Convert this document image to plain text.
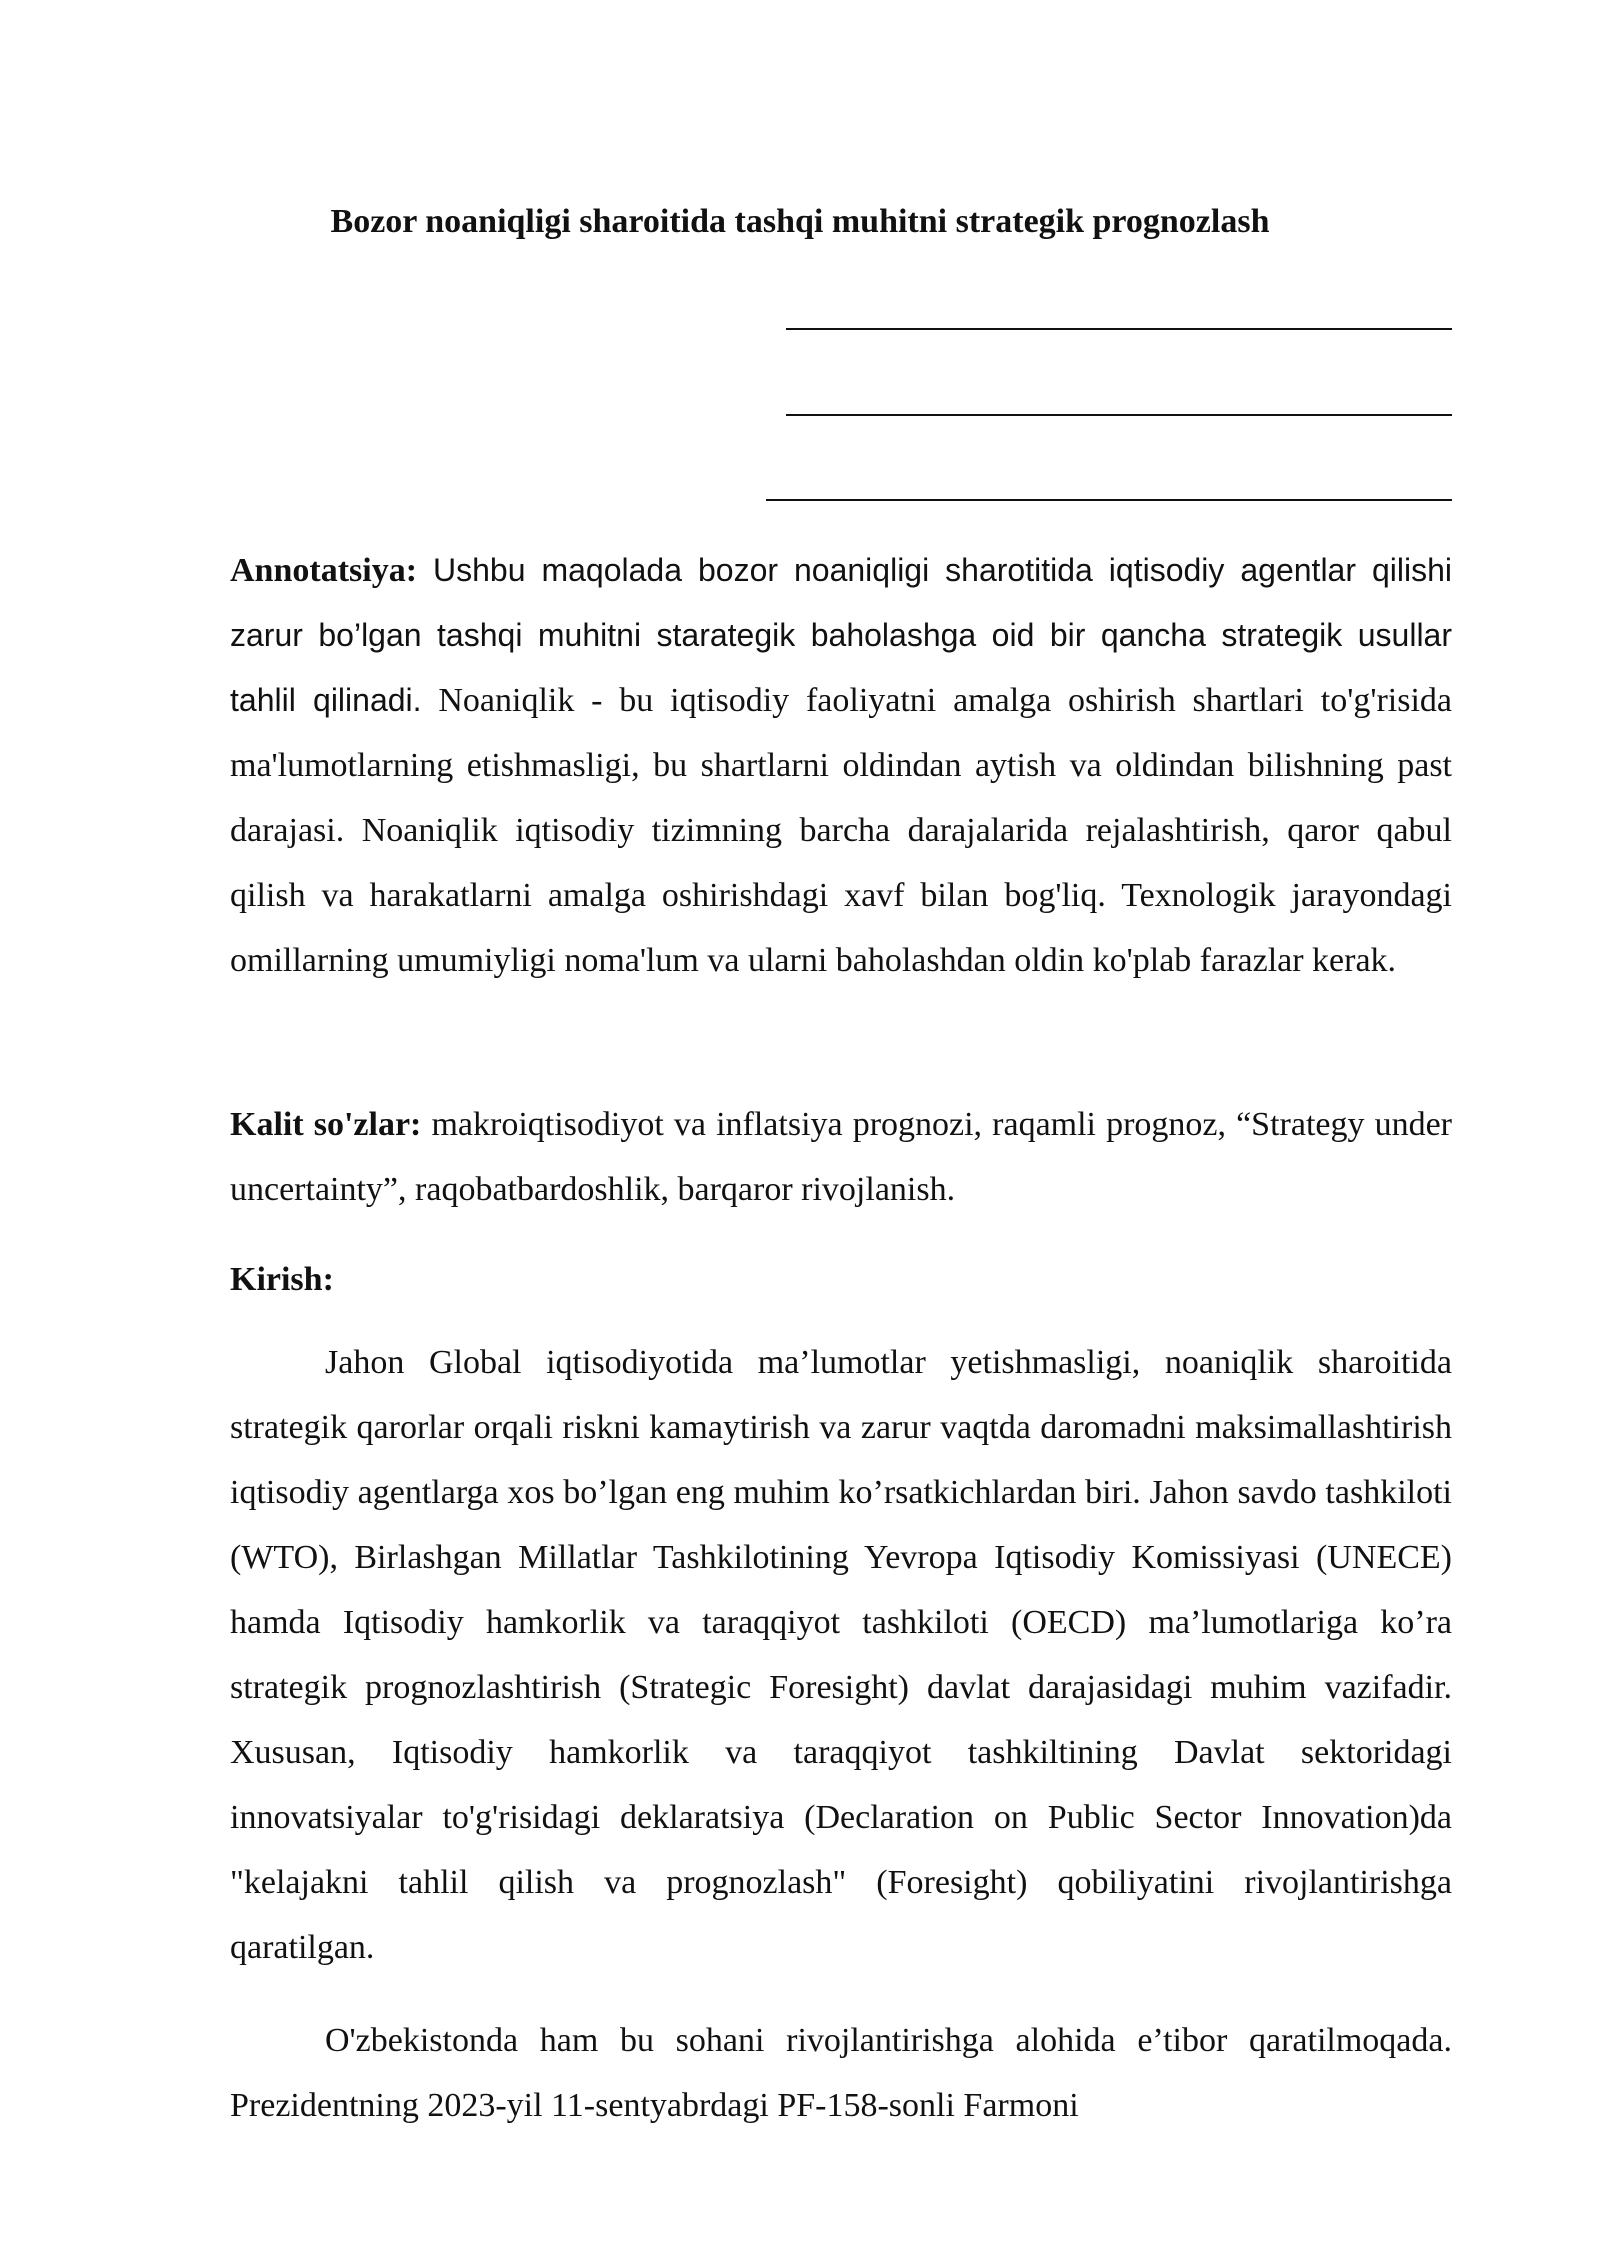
Bozor noaniqligi sharoitida tashqi muhitni strategik prognozlash

Annotatsiya: Ushbu maqolada bozor noaniqligi sharotitida iqtisodiy agentlar qilishi zarur bo’lgan tashqi muhitni starategik baholashga oid bir qancha strategik usullar tahlil qilinadi. Noaniqlik - bu iqtisodiy faoliyatni amalga oshirish shartlari to'g'risida ma'lumotlarning etishmasligi, bu shartlarni oldindan aytish va oldindan bilishning past darajasi. Noaniqlik iqtisodiy tizimning barcha darajalarida rejalashtirish, qaror qabul qilish va harakatlarni amalga oshirishdagi xavf bilan bog'liq. Texnologik jarayondagi omillarning umumiyligi noma'lum va ularni baholashdan oldin ko'plab farazlar kerak.

Kalit so'zlar: makroiqtisodiyot va inflatsiya prognozi, raqamli prognoz, “Strategy under uncertainty”, raqobatbardoshlik, barqaror rivojlanish.

Kirish:

Jahon Global iqtisodiyotida ma’lumotlar yetishmasligi, noaniqlik sharoitida strategik qarorlar orqali riskni kamaytirish va zarur vaqtda daromadni maksimallashtirish iqtisodiy agentlarga xos bo’lgan eng muhim ko’rsatkichlardan biri. Jahon savdo tashkiloti (WTO), Birlashgan Millatlar Tashkilotining Yevropa Iqtisodiy Komissiyasi (UNECE) hamda Iqtisodiy hamkorlik va taraqqiyot tashkiloti (OECD) ma’lumotlariga ko’ra strategik prognozlashtirish (Strategic Foresight) davlat darajasidagi muhim vazifadir. Xususan, Iqtisodiy hamkorlik va taraqqiyot tashkiltining Davlat sektoridagi innovatsiyalar to'g'risidagi deklaratsiya (Declaration on Public Sector Innovation)da "kelajakni tahlil qilish va prognozlash" (Foresight) qobiliyatini rivojlantirishga qaratilgan.

O'zbekistonda ham bu sohani rivojlantirishga alohida e’tibor qaratilmoqada. Prezidentning 2023-yil 11-sentyabrdagi PF-158-sonli Farmoni
